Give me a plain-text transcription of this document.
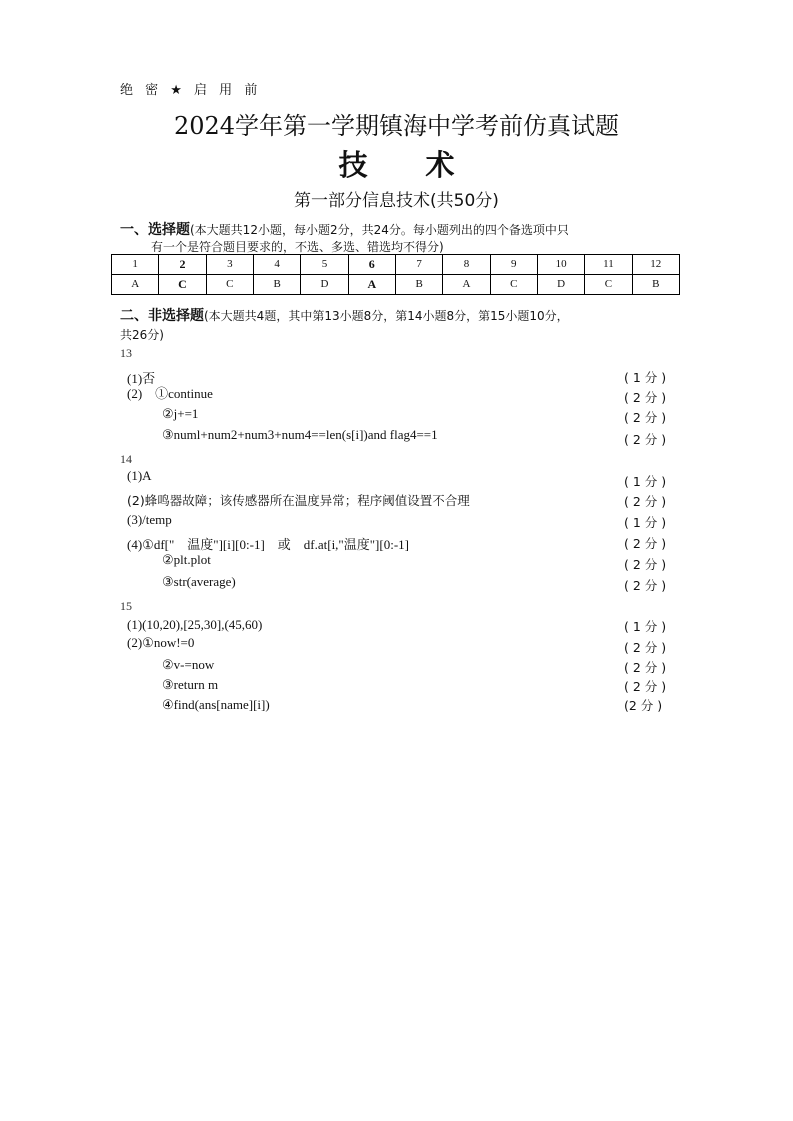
绝 密 ★ 启 用 前
2024学年第一学期镇海中学考前仿真试题
技　　术
第一部分信息技术(共50分)
一、选择题(本大题共12小题，每小题2分，共24分。每小题列出的四个备选项中只
有一个是符合题目要求的，不选、多选、错选均不得分)
1	2	3	4	5	6	7	8	9	10	11	12
A	C	C	B	D	A	B	A	C	D	C	B
二、非选择题(本大题共4题，其中第13小题8分，第14小题8分，第15小题10分，
共26分)
13
(1)否	( 1 分 )
(2)　①continue	( 2 分 )
②j+=1	( 2 分 )
③numl+num2+num3+num4==len(s[i])and flag4==1	( 2 分 )
14
(1)A	( 1 分 )
(2)蜂鸣器故障；该传感器所在温度异常；程序阈值设置不合理	( 2 分 )
(3)/temp	( 1 分 )
(4)①df["　温度"][i][0:-1]　或　df.at[i,"温度"][0:-1]	( 2 分 )
②plt.plot	( 2 分 )
③str(average)	( 2 分 )
15
(1)(10,20),[25,30],(45,60)	( 1 分 )
(2)①now!=0	( 2 分 )
②v-=now	( 2 分 )
③return m	( 2 分 )
④find(ans[name][i])	(2 分 )
